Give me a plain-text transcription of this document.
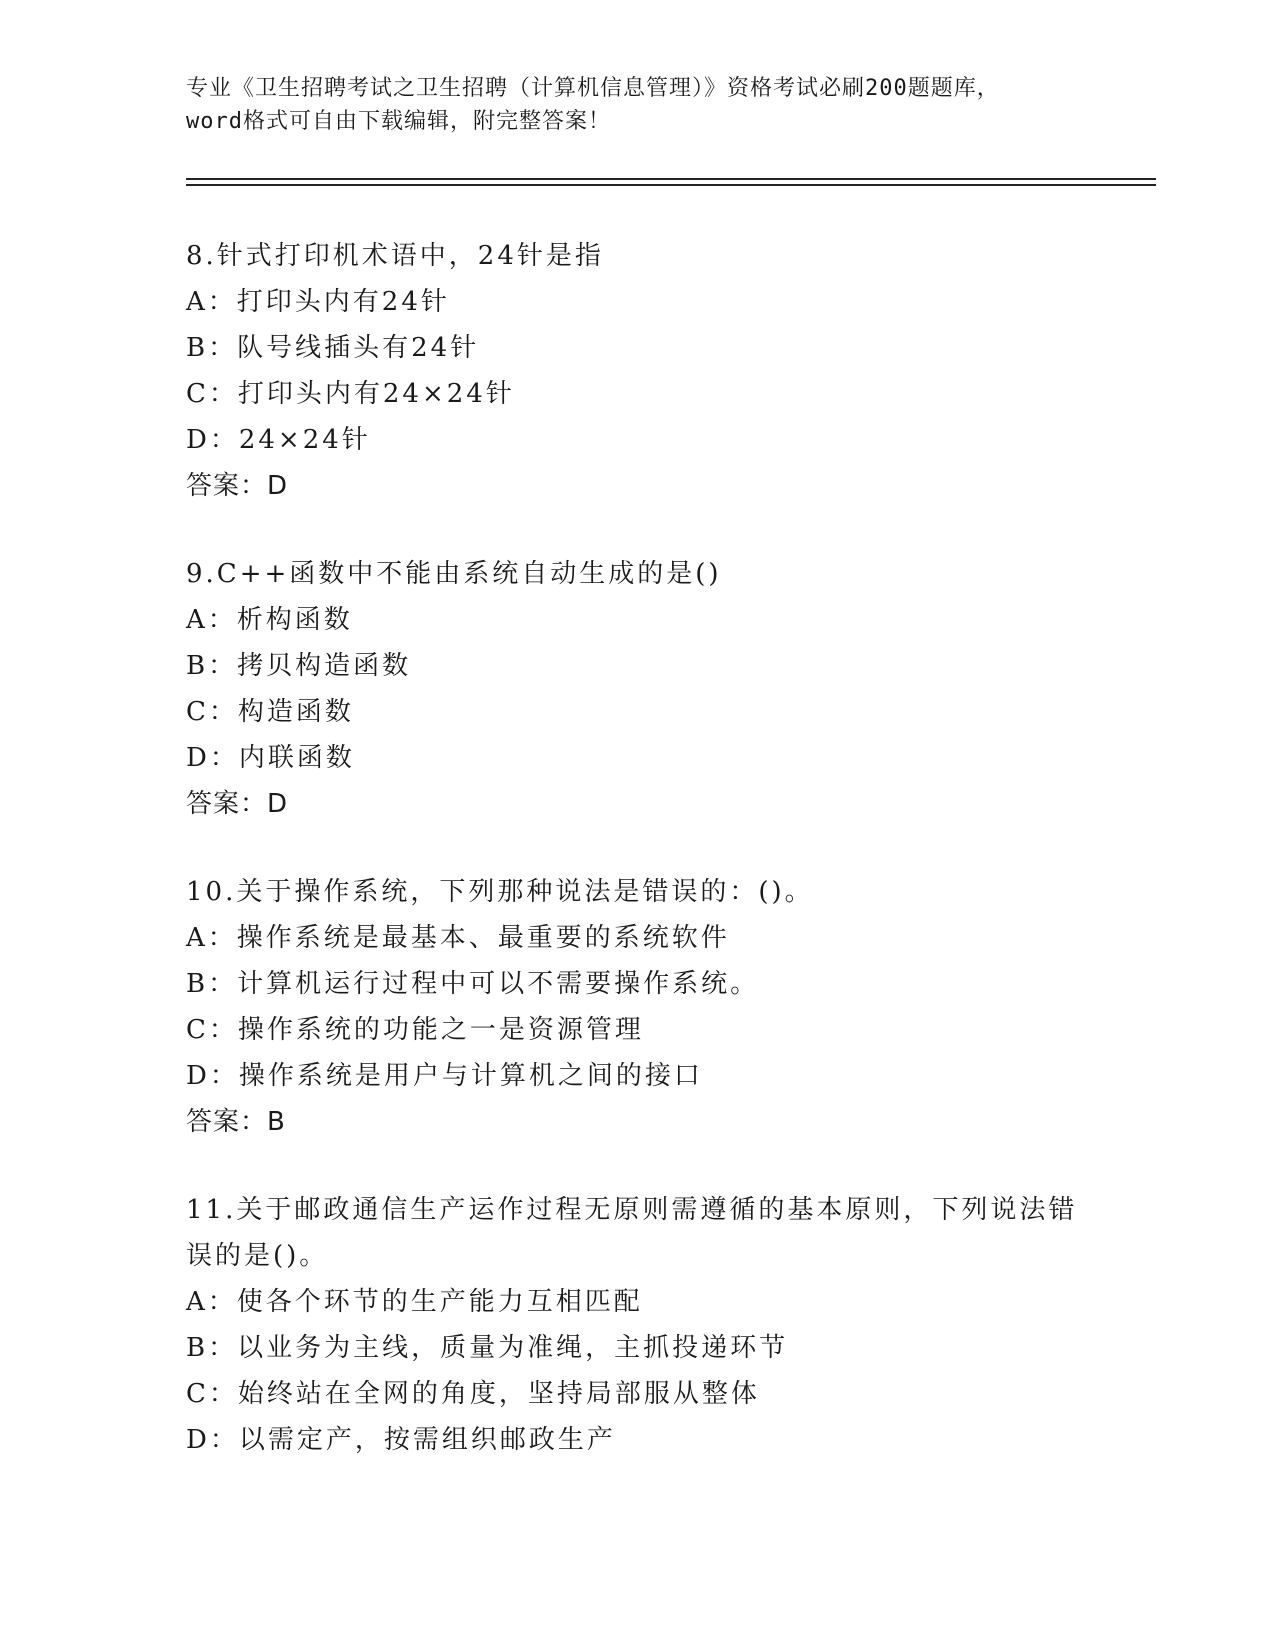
专业《卫生招聘考试之卫生招聘（计算机信息管理）》资格考试必刷200题题库，
word格式可自由下载编辑，附完整答案！
8.针式打印机术语中，24针是指
A：打印头内有24针
B：队号线插头有24针
C：打印头内有24×24针
D：24×24针
答案：D
9.C++函数中不能由系统自动生成的是()
A：析构函数
B：拷贝构造函数
C：构造函数
D：内联函数
答案：D
10.关于操作系统，下列那种说法是错误的：()。
A：操作系统是最基本、最重要的系统软件
B：计算机运行过程中可以不需要操作系统。
C：操作系统的功能之一是资源管理
D：操作系统是用户与计算机之间的接口
答案：B
11.关于邮政通信生产运作过程无原则需遵循的基本原则，下列说法错
误的是()。
A：使各个环节的生产能力互相匹配
B：以业务为主线，质量为准绳，主抓投递环节
C：始终站在全网的角度，坚持局部服从整体
D：以需定产，按需组织邮政生产
